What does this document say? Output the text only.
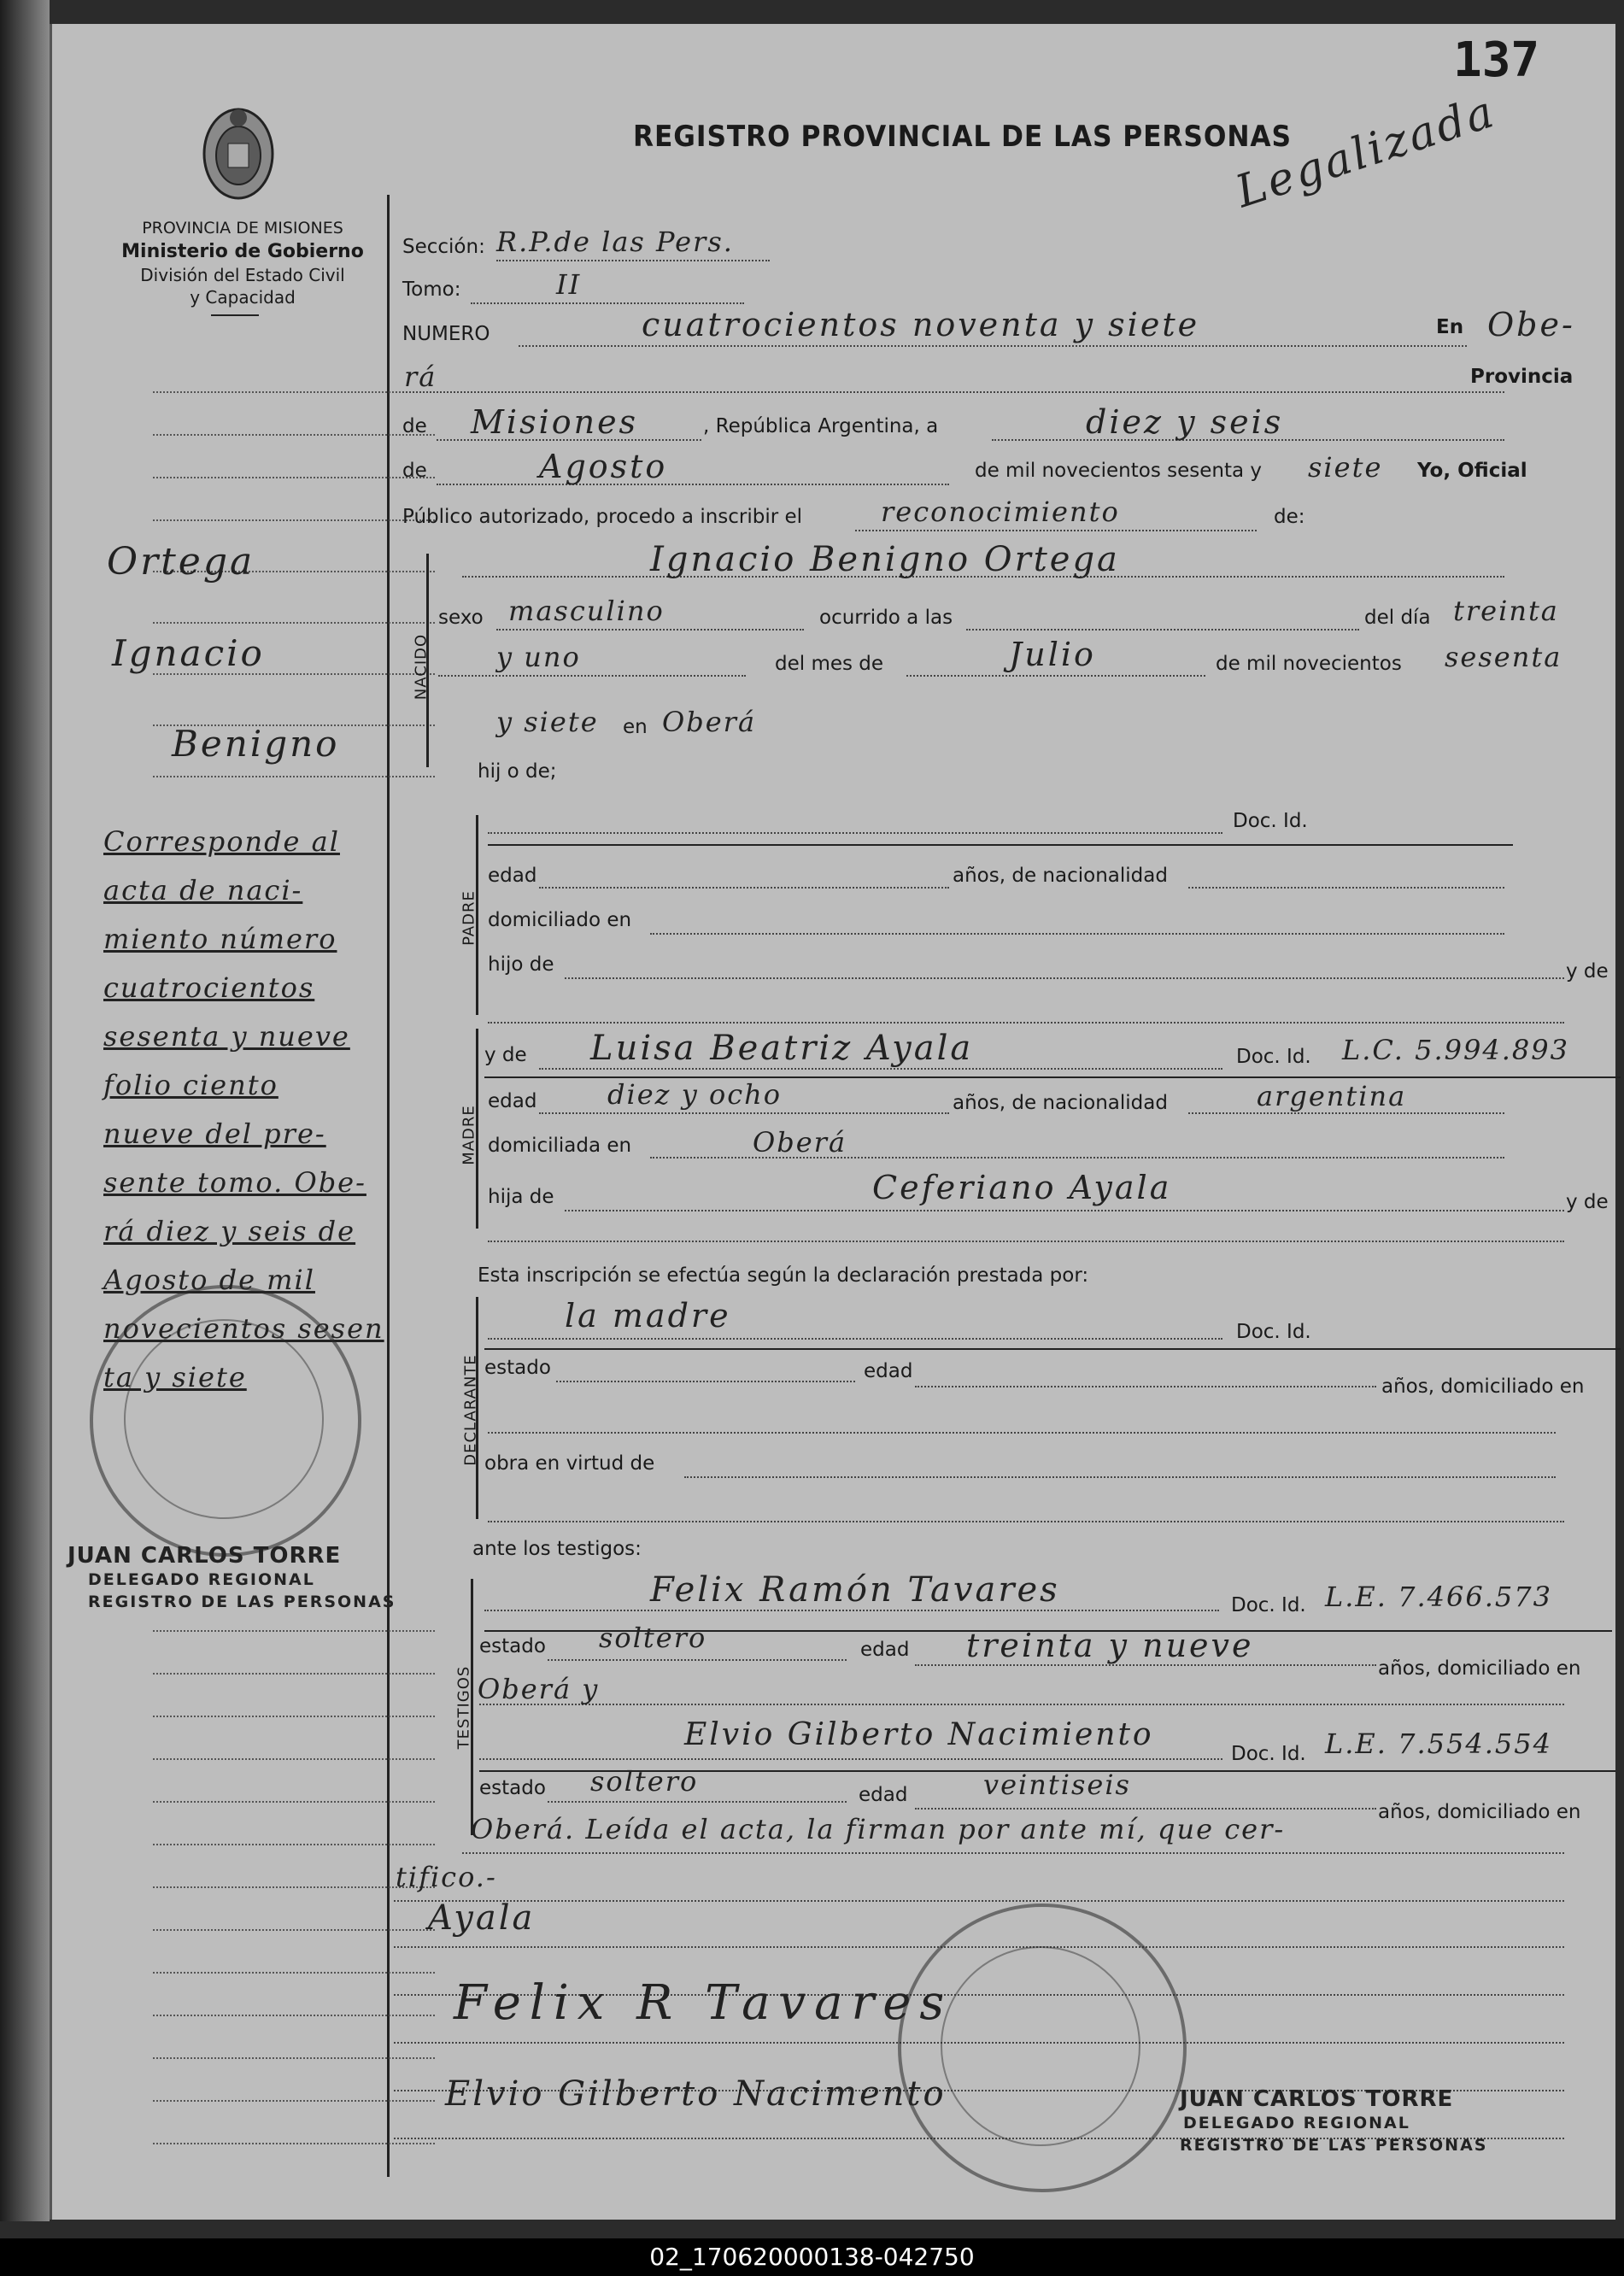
137
PROVINCIA DE MISIONES
Ministerio de Gobierno
División del Estado Civil
y Capacidad
REGISTRO PROVINCIAL DE LAS PERSONAS
Legalizada
Ortega
Ignacio
Benigno
Corresponde al
acta de naci-
miento número
cuatrocientos
sesenta y nueve
folio ciento
nueve del pre-
sente tomo. Obe-
rá diez y seis de
Agosto de mil
novecientos sesen
ta y siete
JUAN CARLOS TORRE
DELEGADO REGIONAL
REGISTRO DE LAS PERSONAS
Sección: R.P.de las Pers.
Tomo:	II
NUMERO	cuatrocientos noventa y siete	En Obe-
rá	Provincia
de Misiones	, República Argentina, a	diez y seis
de	Agosto	de mil novecientos sesenta y siete Yo, Oficial
Público autorizado, procedo a inscribir el	reconocimiento	de:
NACIDO
Ignacio Benigno Ortega
sexo masculino	ocurrido a las	del día treinta
y uno	del mes de	Julio	de mil novecientos sesenta
y siete en Oberá
hij o de;
PADRE
Doc. Id.
edad	años, de nacionalidad
domiciliado en
hijo de	y de
MADRE
y de Luisa Beatriz Ayala	Doc. Id. L.C. 5.994.893
edad	diez y ocho	años, de nacionalidad	argentina
domiciliada en	Oberá
hija de	Ceferiano Ayala	y de
Esta inscripción se efectúa según la declaración prestada por:
DECLARANTE
la madre	Doc. Id.
estado	edad
años, domiciliado en
obra en virtud de
ante los testigos:
TESTIGOS
Felix Ramón Tavares	Doc. Id. L.E. 7.466.573
estado soltero	edad treinta y nueve
años, domiciliado en
Oberá y
Elvio Gilberto Nacimiento
Doc. Id. L.E. 7.554.554
estado soltero	edad	veintiseis
años, domiciliado en
Oberá. Leída el acta, la firman por ante mí, que cer-
tifico.-
Ayala
Felix R Tavares
Elvio Gilberto Nacimento	JUAN CARLOS TORRE
DELEGADO REGIONAL
REGISTRO DE LAS PERSONAS
02_170620000138-042750
